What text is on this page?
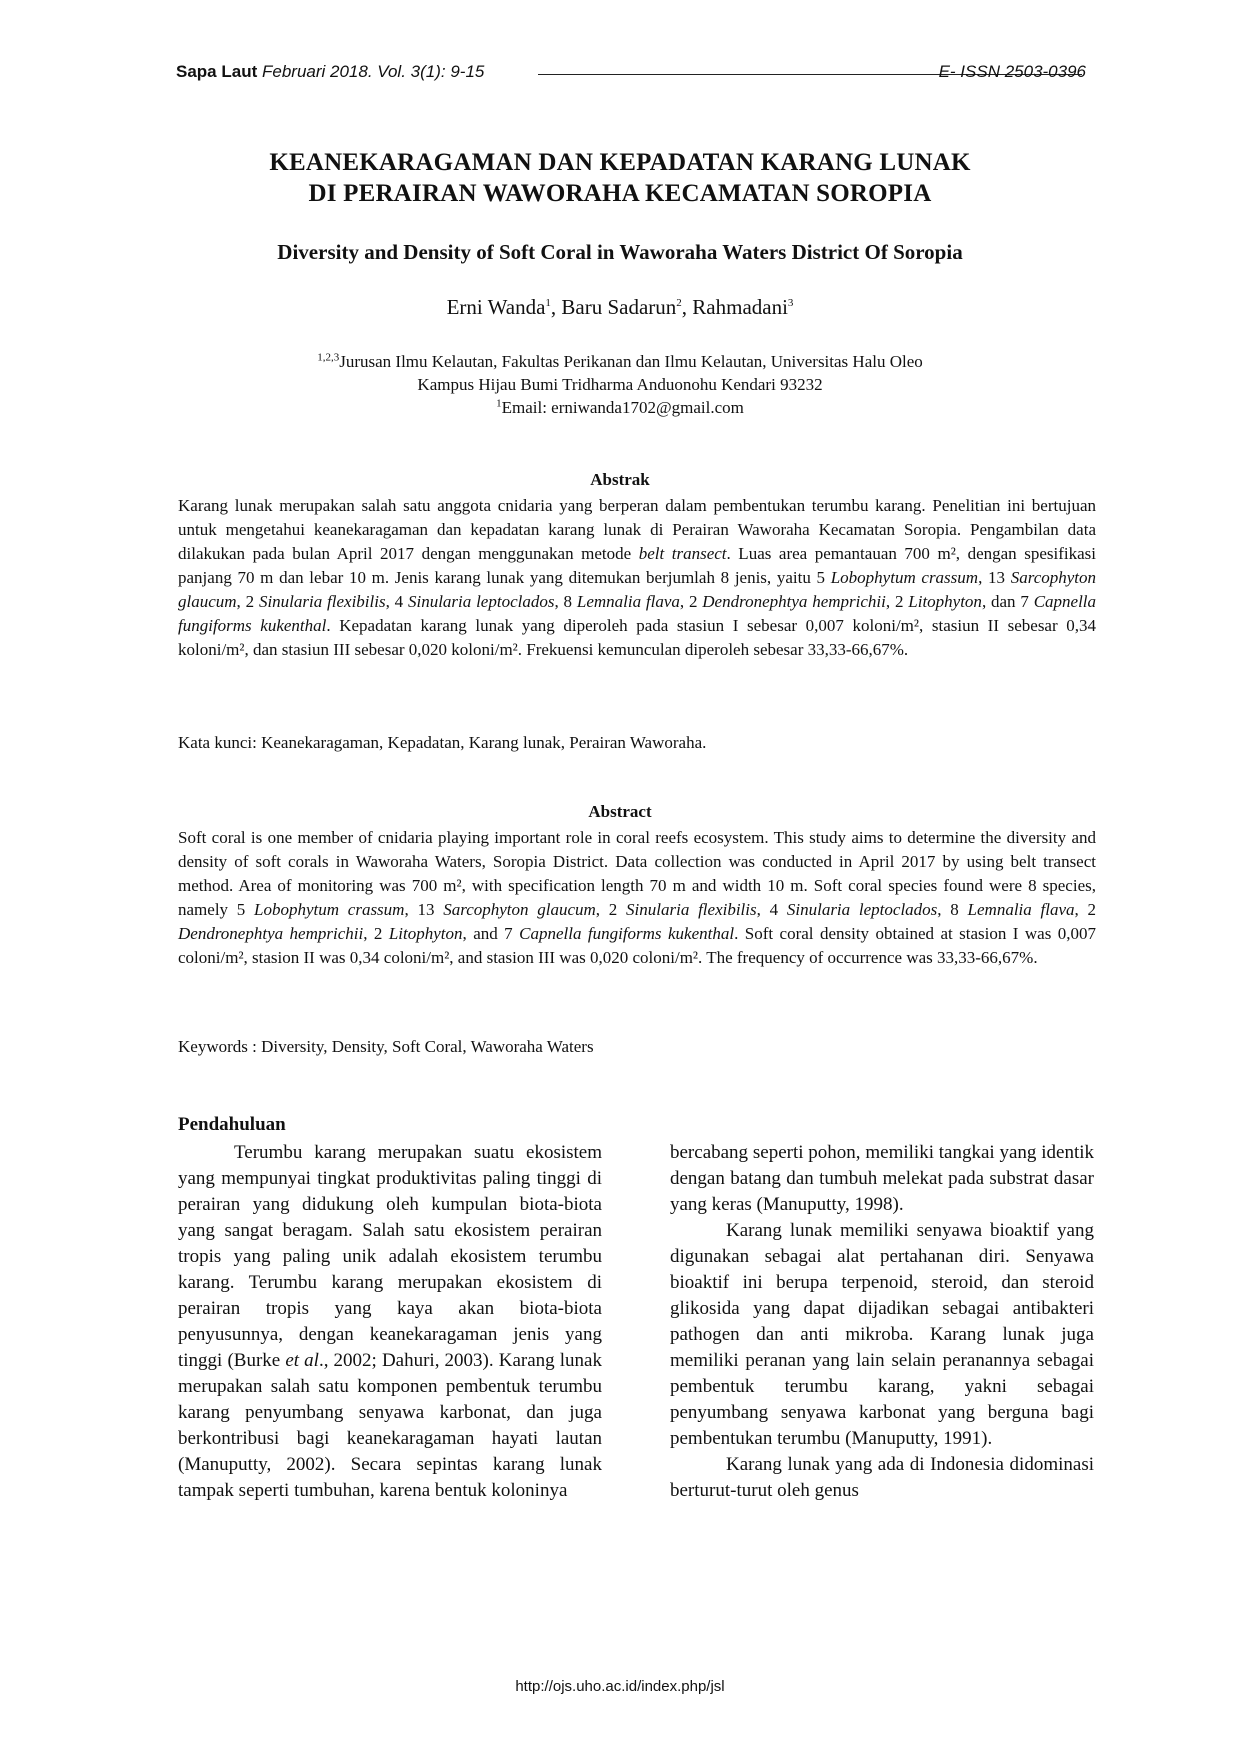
Sapa Laut Februari 2018. Vol. 3(1): 9-15	E- ISSN 2503-0396
KEANEKARAGAMAN DAN KEPADATAN KARANG LUNAK
DI PERAIRAN WAWORAHA KECAMATAN SOROPIA
Diversity and Density of Soft Coral in Waworaha Waters District Of Soropia
Erni Wanda$^1$, Baru Sadarun$^2$, Rahmadani$^3$
$^{1,2,3}$Jurusan Ilmu Kelautan, Fakultas Perikanan dan Ilmu Kelautan, Universitas Halu Oleo
Kampus Hijau Bumi Tridharma Anduonohu Kendari 93232
$^1$Email: erniwanda1702@gmail.com
Abstrak
Karang lunak merupakan salah satu anggota cnidaria yang berperan dalam pembentukan terumbu karang. Penelitian ini bertujuan untuk mengetahui keanekaragaman dan kepadatan karang lunak di Perairan Waworaha Kecamatan Soropia. Pengambilan data dilakukan pada bulan April 2017 dengan menggunakan metode belt transect. Luas area pemantauan 700 m², dengan spesifikasi panjang 70 m dan lebar 10 m. Jenis karang lunak yang ditemukan berjumlah 8 jenis, yaitu 5 Lobophytum crassum, 13 Sarcophyton glaucum, 2 Sinularia flexibilis, 4 Sinularia leptoclados, 8 Lemnalia flava, 2 Dendronephtya hemprichii, 2 Litophyton, dan 7 Capnella fungiforms kukenthal. Kepadatan karang lunak yang diperoleh pada stasiun I sebesar 0,007 koloni/m², stasiun II sebesar 0,34 koloni/m², dan stasiun III sebesar 0,020 koloni/m². Frekuensi kemunculan diperoleh sebesar 33,33-66,67%.
Kata kunci: Keanekaragaman, Kepadatan, Karang lunak, Perairan Waworaha.
Abstract
Soft coral is one member of cnidaria playing important role in coral reefs ecosystem. This study aims to determine the diversity and density of soft corals in Waworaha Waters, Soropia District. Data collection was conducted in April 2017 by using belt transect method. Area of monitoring was 700 m², with specification length 70 m and width 10 m. Soft coral species found were 8 species, namely 5 Lobophytum crassum, 13 Sarcophyton glaucum, 2 Sinularia flexibilis, 4 Sinularia leptoclados, 8 Lemnalia flava, 2 Dendronephtya hemprichii, 2 Litophyton, and 7 Capnella fungiforms kukenthal. Soft coral density obtained at stasion I was 0,007 coloni/m², stasion II was 0,34 coloni/m², and stasion III was 0,020 coloni/m². The frequency of occurrence was 33,33-66,67%.
Keywords : Diversity, Density, Soft Coral, Waworaha Waters
Pendahuluan

Terumbu karang merupakan suatu ekosistem yang mempunyai tingkat produktivitas paling tinggi di perairan yang didukung oleh kumpulan biota-biota yang sangat beragam. Salah satu ekosistem perairan tropis yang paling unik adalah ekosistem terumbu karang. Terumbu karang merupakan ekosistem di perairan tropis yang kaya akan biota-biota penyusunnya, dengan keanekaragaman jenis yang tinggi (Burke et al., 2002; Dahuri, 2003). Karang lunak merupakan salah satu komponen pembentuk terumbu karang penyumbang senyawa karbonat, dan juga berkontribusi bagi keanekaragaman hayati lautan (Manuputty, 2002). Secara sepintas karang lunak tampak seperti tumbuhan, karena bentuk koloninya

bercabang seperti pohon, memiliki tangkai yang identik dengan batang dan tumbuh melekat pada substrat dasar yang keras (Manuputty, 1998).

Karang lunak memiliki senyawa bioaktif yang digunakan sebagai alat pertahanan diri. Senyawa bioaktif ini berupa terpenoid, steroid, dan steroid glikosida yang dapat dijadikan sebagai antibakteri pathogen dan anti mikroba. Karang lunak juga memiliki peranan yang lain selain peranannya sebagai pembentuk terumbu karang, yakni sebagai penyumbang senyawa karbonat yang berguna bagi pembentukan terumbu (Manuputty, 1991).

Karang lunak yang ada di Indonesia didominasi berturut-turut oleh genus

http://ojs.uho.ac.id/index.php/jsl
